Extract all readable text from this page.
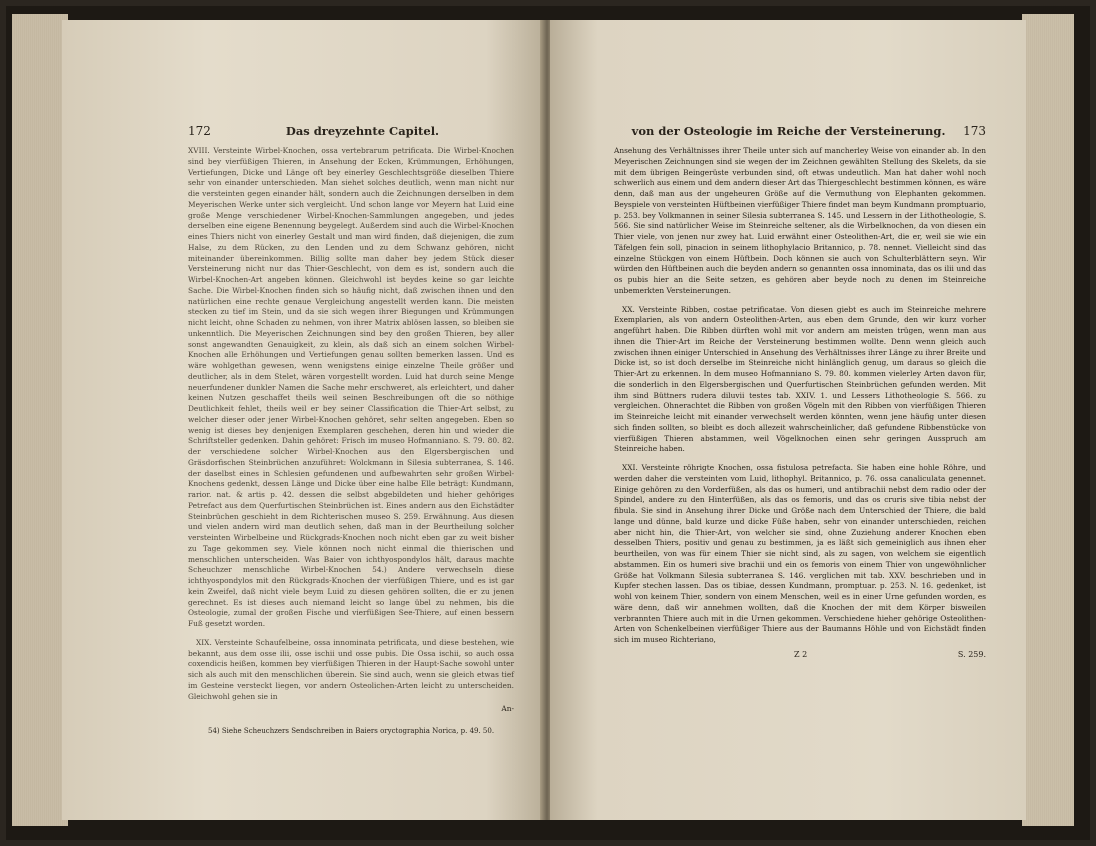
172	Das dreyzehnte Capitel.

XVIII. Versteinte Wirbel-Knochen, ossa vertebrarum petrificata. Die Wirbel-Knochen sind bey vierfüßigen Thieren, in Ansehung der Ecken, Krümmungen, Erhöhungen, Vertiefungen, Dicke und Länge oft bey einerley Geschlechtsgröße dieselben Thiere sehr von einander unterschieden. Man siehet solches deutlich, wenn man nicht nur die versteinten gegen einander hält, sondern auch die Zeichnungen derselben in dem Meyerischen Werke unter sich vergleicht. Und schon lange vor Meyern hat Luid eine große Menge verschiedener Wirbel-Knochen-Sammlungen angegeben, und jedes derselben eine eigene Benennung beygelegt. Außerdem sind auch die Wirbel-Knochen eines Thiers nicht von einerley Gestalt und man wird finden, daß diejenigen, die zum Halse, zu dem Rücken, zu den Lenden und zu dem Schwanz gehören, nicht miteinander übereinkommen. Billig sollte man daher bey jedem Stück dieser Versteinerung nicht nur das Thier-Geschlecht, von dem es ist, sondern auch die Wirbel-Knochen-Art angeben können. Gleichwohl ist beydes keine so gar leichte Sache. Die Wirbel-Knochen finden sich so häufig nicht, daß zwischen ihnen und den natürlichen eine rechte genaue Vergleichung angestellt werden kann. Die meisten stecken zu tief im Stein, und da sie sich wegen ihrer Biegungen und Krümmungen nicht leicht, ohne Schaden zu nehmen, von ihrer Matrix ablösen lassen, so bleiben sie unkenntlich. Die Meyerischen Zeichnungen sind bey den großen Thieren, bey aller sonst angewandten Genauigkeit, zu klein, als daß sich an einem solchen Wirbel-Knochen alle Erhöhungen und Vertiefungen genau sollten bemerken lassen. Und es wäre wohlgethan gewesen, wenn wenigstens einige einzelne Theile größer und deutlicher, als in dem Stelet, wären vorgestellt worden. Luid hat durch seine Menge neuerfundener dunkler Namen die Sache mehr erschweret, als erleichtert, und daher keinen Nutzen geschaffet theils weil seinen Beschreibungen oft die so nöthige Deutlichkeit fehlet, theils weil er bey seiner Classification die Thier-Art selbst, zu welcher dieser oder jener Wirbel-Knochen gehöret, sehr selten angegeben. Eben so wenig ist dieses bey denjenigen Exemplaren geschehen, deren hin und wieder die Schriftsteller gedenken. Dahin gehöret: Frisch im museo Hofmanniano. S. 79. 80. 82. der verschiedene solcher Wirbel-Knochen aus den Elgersbergischen und Gräsdorfischen Steinbrüchen anzuführet: Wolckmann in Silesia subterranea, S. 146. der daselbst eines in Schlesien gefundenen und aufbewahrten sehr großen Wirbel-Knochens gedenkt, dessen Länge und Dicke über eine halbe Elle beträgt: Kundmann, rarior. nat. & artis p. 42. dessen die selbst abgebildeten und hieher gehöriges Petrefact aus dem Querfurtischen Steinbrüchen ist. Eines andern aus den Eichstädter Steinbrüchen geschieht in dem Richterischen museo S. 259. Erwähnung. Aus diesen und vielen andern wird man deutlich sehen, daß man in der Beurtheilung solcher versteinten Wirbelbeine und Rückgrads-Knochen noch nicht eben gar zu weit bisher zu Tage gekommen sey. Viele können noch nicht einmal die thierischen und menschlichen unterscheiden. Was Baier von ichthyospondylos hält, daraus machte Scheuchzer menschliche Wirbel-Knochen 54.) Andere verwechseln diese ichthyospondylos mit den Rückgrads-Knochen der vierfüßigen Thiere, und es ist gar kein Zweifel, daß nicht viele beym Luid zu diesen gehören sollten, die er zu jenen gerechnet. Es ist dieses auch niemand leicht so lange übel zu nehmen, bis die Osteologie, zumal der großen Fische und vierfüßigen See-Thiere, auf einen bessern Fuß gesetzt worden.

XIX. Versteinte Schaufelbeine, ossa innominata petrificata, und diese bestehen, wie bekannt, aus dem osse ilii, osse ischii und osse pubis. Die Ossa ischii, so auch ossa coxendicis heißen, kommen bey vierfüßigen Thieren in der Haupt-Sache sowohl unter sich als auch mit den menschlichen überein. Sie sind auch, wenn sie gleich etwas tief im Gesteine versteckt liegen, vor andern Osteolichen-Arten leicht zu unterscheiden. Gleichwohl gehen sie in

An-
54) Siehe Scheuchzers Sendschreiben in Baiers oryctographia Norica, p. 49. 50.
von der Osteologie im Reiche der Versteinerung.	173

Ansehung des Verhältnisses ihrer Theile unter sich auf mancherley Weise von einander ab. In den Meyerischen Zeichnungen sind sie wegen der im Zeichnen gewählten Stellung des Skelets, da sie mit dem übrigen Beingerüste verbunden sind, oft etwas undeutlich. Man hat daher wohl noch schwerlich aus einem und dem andern dieser Art das Thiergeschlecht bestimmen können, es wäre denn, daß man aus der ungeheuren Größe auf die Vermuthung von Elephanten gekommen. Beyspiele von versteinten Hüftbeinen vierfüßiger Thiere findet man beym Kundmann promptuario, p. 253. bey Volkmannen in seiner Silesia subterranea S. 145. und Lessern in der Lithotheologie, S. 566. Sie sind natürlicher Weise im Steinreiche seltener, als die Wirbelknochen, da von diesen ein Thier viele, von jenen nur zwey hat. Luid erwähnt einer Osteolithen-Art, die er, weil sie wie ein Täfelgen fein soll, pinacion in seinem lithophylacio Britannico, p. 78. nennet. Vielleicht sind das einzelne Stückgen von einem Hüftbein. Doch können sie auch von Schulterblättern seyn. Wir würden den Hüftbeinen auch die beyden andern so genannten ossa innominata, das os ilii und das os pubis hier an die Seite setzen, es gehören aber beyde noch zu denen im Steinreiche unbemerkten Versteinerungen.

XX. Versteinte Ribben, costae petrificatae. Von diesen giebt es auch im Steinreiche mehrere Exemplarien, als von andern Osteolithen-Arten, aus eben dem Grunde, den wir kurz vorher angeführt haben. Die Ribben dürften wohl mit vor andern am meisten trügen, wenn man aus ihnen die Thier-Art im Reiche der Versteinerung bestimmen wollte. Denn wenn gleich auch zwischen ihnen einiger Unterschied in Ansehung des Verhältnisses ihrer Länge zu ihrer Breite und Dicke ist, so ist doch derselbe im Steinreiche nicht hinlänglich genug, um daraus so gleich die Thier-Art zu erkennen. In dem museo Hofmanniano S. 79. 80. kommen vielerley Arten davon für, die sonderlich in den Elgersbergischen und Querfurtischen Steinbrüchen gefunden werden. Mit ihm sind Büttners rudera diluvii testes tab. XXIV. 1. und Lessers Lithotheologie S. 566. zu vergleichen. Ohnerachtet die Ribben von großen Vögeln mit den Ribben von vierfüßigen Thieren im Steinreiche leicht mit einander verwechselt werden könnten, wenn jene häufig unter diesen sich finden sollten, so bleibt es doch allezeit wahrscheinlicher, daß gefundene Ribbenstücke von vierfüßigen Thieren abstammen, weil Vögelknochen einen sehr geringen Ausspruch am Steinreiche haben.

XXI. Versteinte röhrigte Knochen, ossa fistulosa petrefacta. Sie haben eine hohle Röhre, und werden daher die versteinten vom Luid, lithophyl. Britannico, p. 76. ossa canaliculata genennet. Einige gehören zu den Vorderfüßen, als das os humeri, und antibrachii nebst dem radio oder der Spindel, andere zu den Hinterfüßen, als das os femoris, und das os cruris sive tibia nebst der fibula. Sie sind in Ansehung ihrer Dicke und Größe nach dem Unterschied der Thiere, die bald lange und dünne, bald kurze und dicke Füße haben, sehr von einander unterschieden, reichen aber nicht hin, die Thier-Art, von welcher sie sind, ohne Zuziehung anderer Knochen eben desselben Thiers, positiv und genau zu bestimmen, ja es läßt sich gemeiniglich aus ihnen eher beurtheilen, von was für einem Thier sie nicht sind, als zu sagen, von welchem sie eigentlich abstammen. Ein os humeri sive brachii und ein os femoris von einem Thier von ungewöhnlicher Größe hat Volkmann Silesia subterranea S. 146. verglichen mit tab. XXV. beschrieben und in Kupfer stechen lassen. Das os tibiae, dessen Kundmann, promptuar. p. 253. N. 16. gedenket, ist wohl von keinem Thier, sondern von einem Menschen, weil es in einer Urne gefunden worden, es wäre denn, daß wir annehmen wollten, daß die Knochen der mit dem Körper bisweilen verbrannten Thiere auch mit in die Urnen gekommen. Verschiedene hieher gehörige Osteolithen-Arten von Schenkelbeinen vierfüßiger Thiere aus der Baumanns Höhle und von Eichstädt finden sich im museo Richteriano,

Z 2	S. 259.
